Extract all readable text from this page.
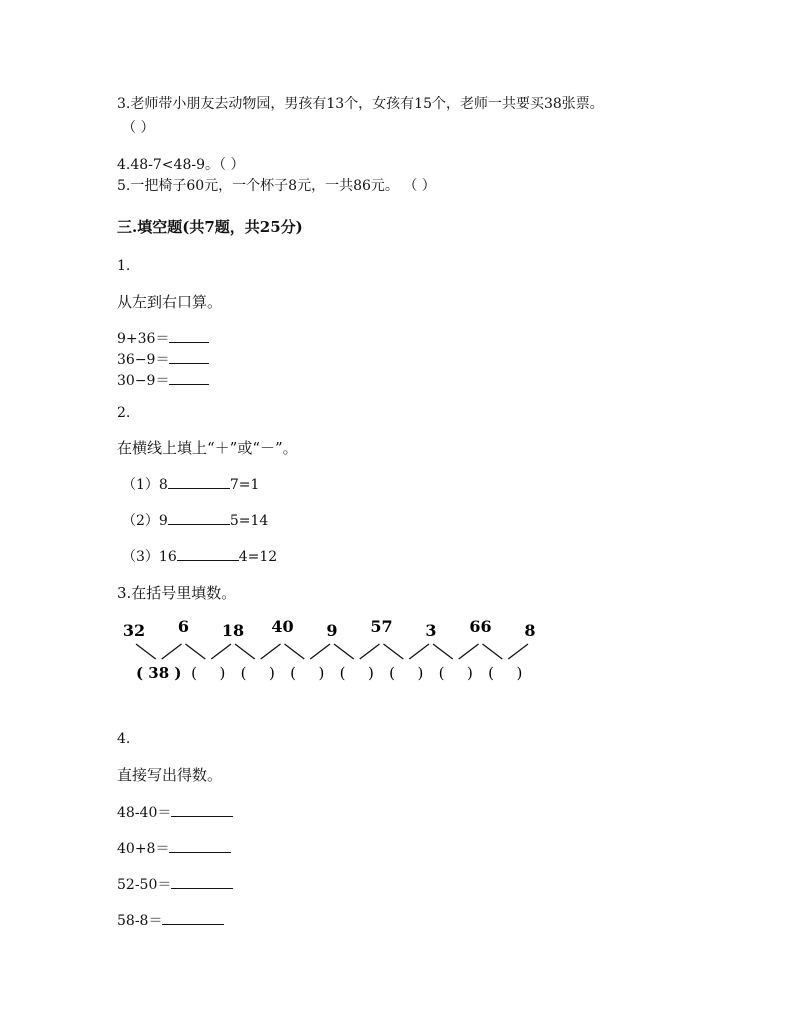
3.老师带小朋友去动物园，男孩有13个，女孩有15个，老师一共要买38张票。
（ ）
4.48-7<48-9。（ ）
5.一把椅子60元，一个杯子8元，一共86元。 （ ）
三.填空题(共7题，共25分)
1.
从左到右口算。
9+36＝
36−9＝
30−9＝
2.
在横线上填上“＋”或“－”。
（1）8	7=1
（2）9	5=14
（3）16	4=12
3.在括号里填数。
32 6 18 40 9 57 3 66 8
( 38 ) (  ) (  ) (  ) (  ) (  ) (  ) (  )
4.
直接写出得数。
48-40＝
40+8＝
52-50＝
58-8＝
